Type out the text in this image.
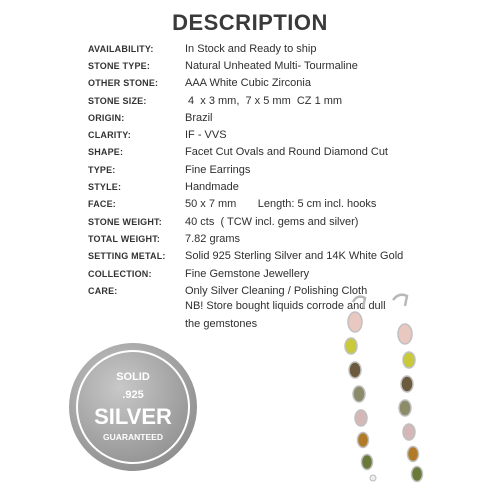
DESCRIPTION
AVAILABILITY:	In Stock and Ready to ship
STONE TYPE:	Natural Unheated Multi- Tourmaline
OTHER STONE:	AAA White Cubic Zirconia
STONE SIZE:	4  x 3 mm,  7 x 5 mm  CZ 1 mm
ORIGIN:	Brazil
CLARITY:	IF - VVS
SHAPE:	Facet Cut Ovals and Round Diamond Cut
TYPE:	Fine Earrings
STYLE:	Handmade
FACE:	50 x 7 mm       Length: 5 cm incl. hooks
STONE WEIGHT:	40 cts  ( TCW incl. gems and silver)
TOTAL WEIGHT:	7.82 grams
SETTING METAL:	Solid 925 Sterling Silver and 14K White Gold
COLLECTION:	Fine Gemstone Jewellery
CARE:	Only Silver Cleaning / Polishing Cloth
NB! Store bought liquids corrode and dull
the gemstones
SOLID
.925
SILVER
GUARANTEED
